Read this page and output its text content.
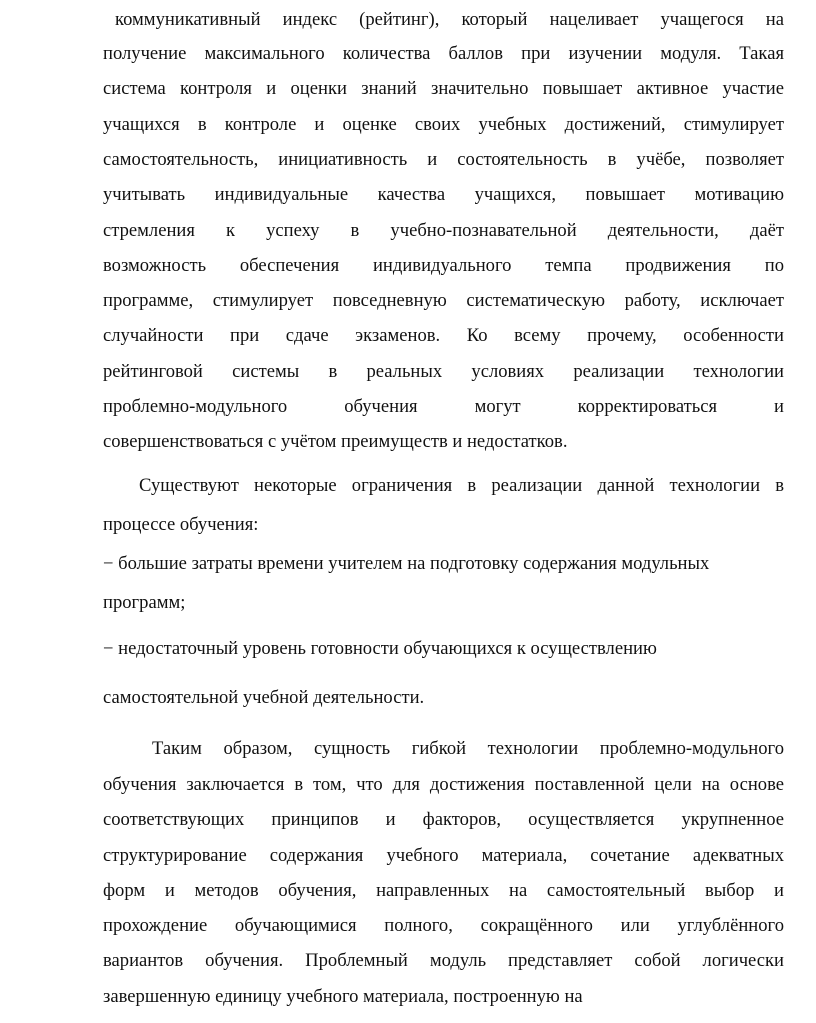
коммуникативный индекс (рейтинг), который нацеливает учащегося на
получение максимального количества баллов при изучении модуля. Такая
система контроля и оценки знаний значительно повышает активное участие
учащихся в контроле и оценке своих учебных достижений, стимулирует
самостоятельность, инициативность и состоятельность в учёбе, позволяет
учитывать индивидуальные качества учащихся, повышает мотивацию
стремления к успеху в учебно-познавательной деятельности, даёт
возможность обеспечения индивидуального темпа продвижения по
программе, стимулирует повседневную систематическую работу, исключает
случайности при сдаче экзаменов. Ко всему прочему, особенности
рейтинговой системы в реальных условиях реализации технологии
проблемно-модульного обучения могут корректироваться и
совершенствоваться с учётом преимуществ и недостатков.
Существуют некоторые ограничения в реализации данной технологии в
процессе обучения:
− большие затраты времени учителем на подготовку содержания модульных
программ;
− недостаточный уровень готовности обучающихся к осуществлению
самостоятельной учебной деятельности.
Таким образом, сущность гибкой технологии проблемно-модульного
обучения заключается в том, что для достижения поставленной цели на основе
соответствующих принципов и факторов, осуществляется укрупненное
структурирование содержания учебного материала, сочетание адекватных
форм и методов обучения, направленных на самостоятельный выбор и
прохождение обучающимися полного, сокращённого или углублённого
вариантов обучения. Проблемный модуль представляет собой логически
завершенную единицу учебного материала, построенную на
